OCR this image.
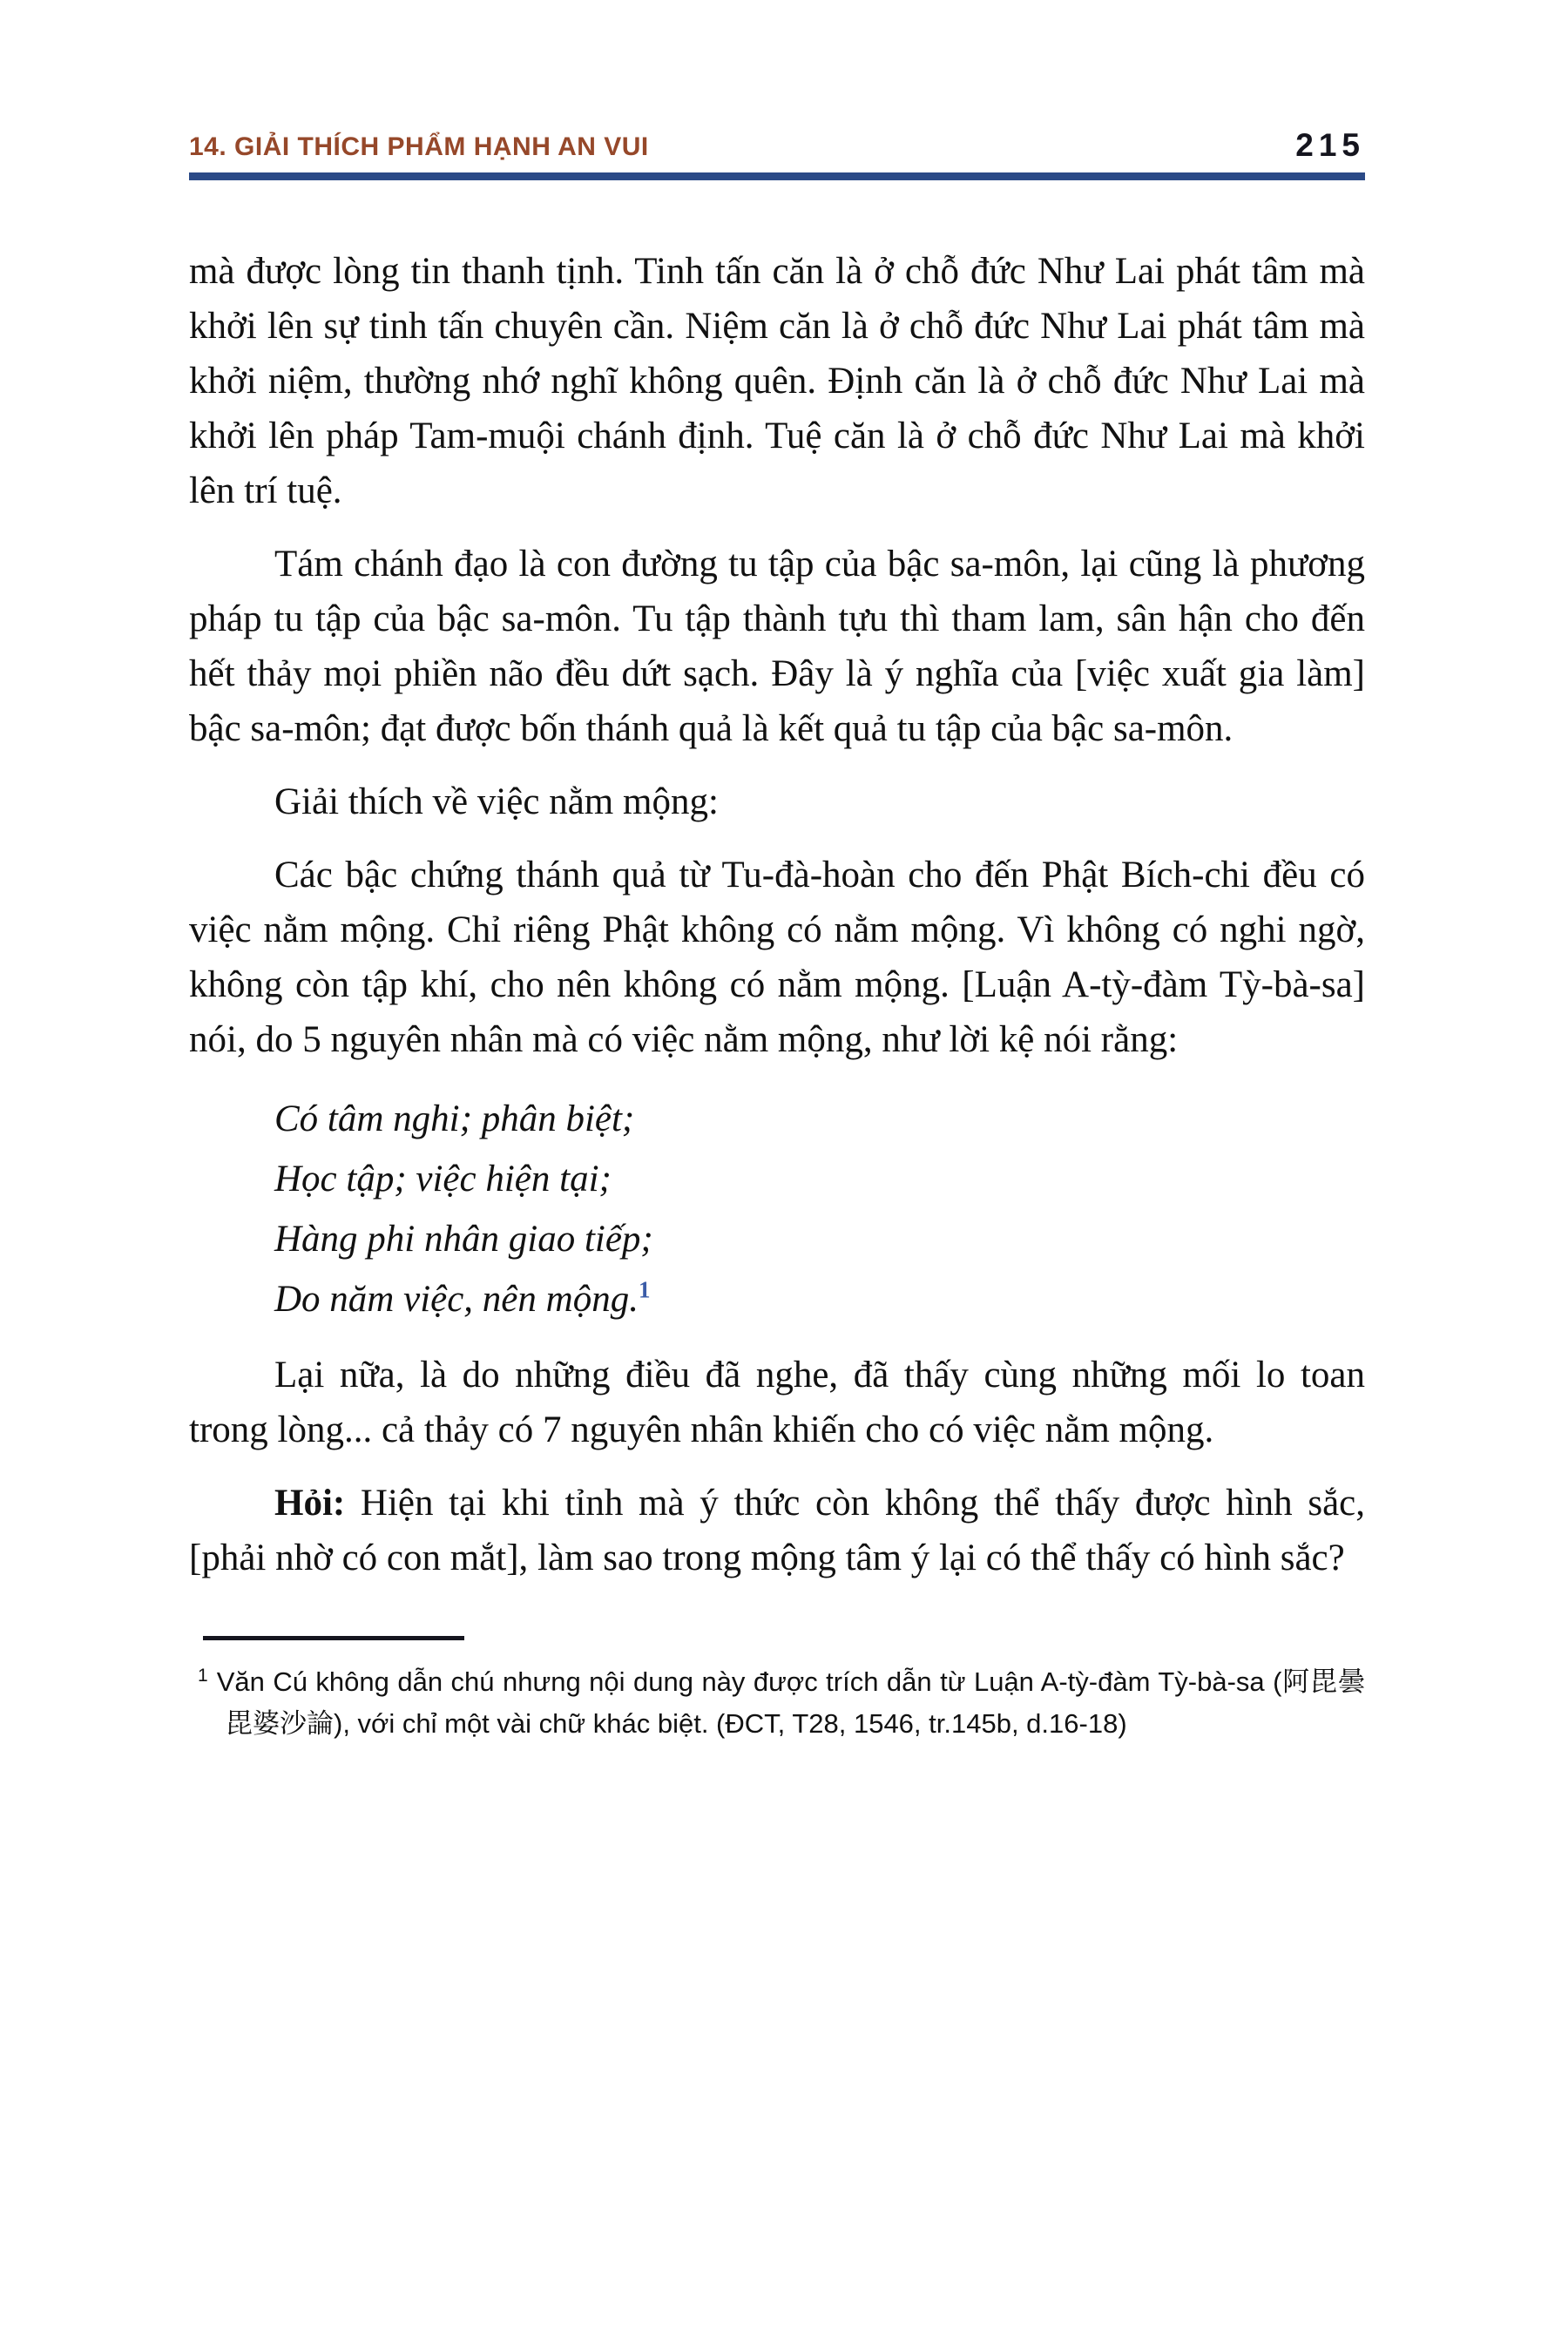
14. GIẢI THÍCH PHẨM HẠNH AN VUI	215

mà được lòng tin thanh tịnh. Tinh tấn căn là ở chỗ đức Như Lai phát tâm mà khởi lên sự tinh tấn chuyên cần. Niệm căn là ở chỗ đức Như Lai phát tâm mà khởi niệm, thường nhớ nghĩ không quên. Định căn là ở chỗ đức Như Lai mà khởi lên pháp Tam-muội chánh định. Tuệ căn là ở chỗ đức Như Lai mà khởi lên trí tuệ.

Tám chánh đạo là con đường tu tập của bậc sa-môn, lại cũng là phương pháp tu tập của bậc sa-môn. Tu tập thành tựu thì tham lam, sân hận cho đến hết thảy mọi phiền não đều dứt sạch. Đây là ý nghĩa của [việc xuất gia làm] bậc sa-môn; đạt được bốn thánh quả là kết quả tu tập của bậc sa-môn.

Giải thích về việc nằm mộng:

Các bậc chứng thánh quả từ Tu-đà-hoàn cho đến Phật Bích-chi đều có việc nằm mộng. Chỉ riêng Phật không có nằm mộng. Vì không có nghi ngờ, không còn tập khí, cho nên không có nằm mộng. [Luận A-tỳ-đàm Tỳ-bà-sa] nói, do 5 nguyên nhân mà có việc nằm mộng, như lời kệ nói rằng:

Có tâm nghi; phân biệt;
Học tập; việc hiện tại;
Hàng phi nhân giao tiếp;
Do năm việc, nên mộng.$^1$

Lại nữa, là do những điều đã nghe, đã thấy cùng những mối lo toan trong lòng... cả thảy có 7 nguyên nhân khiến cho có việc nằm mộng.

Hỏi: Hiện tại khi tỉnh mà ý thức còn không thể thấy được hình sắc, [phải nhờ có con mắt], làm sao trong mộng tâm ý lại có thể thấy có hình sắc?

$^1$ Văn Cú không dẫn chú nhưng nội dung này được trích dẫn từ Luận A-tỳ-đàm Tỳ-bà-sa (阿毘曇毘婆沙論), với chỉ một vài chữ khác biệt. (ĐCT, T28, 1546, tr.145b, d.16-18)
